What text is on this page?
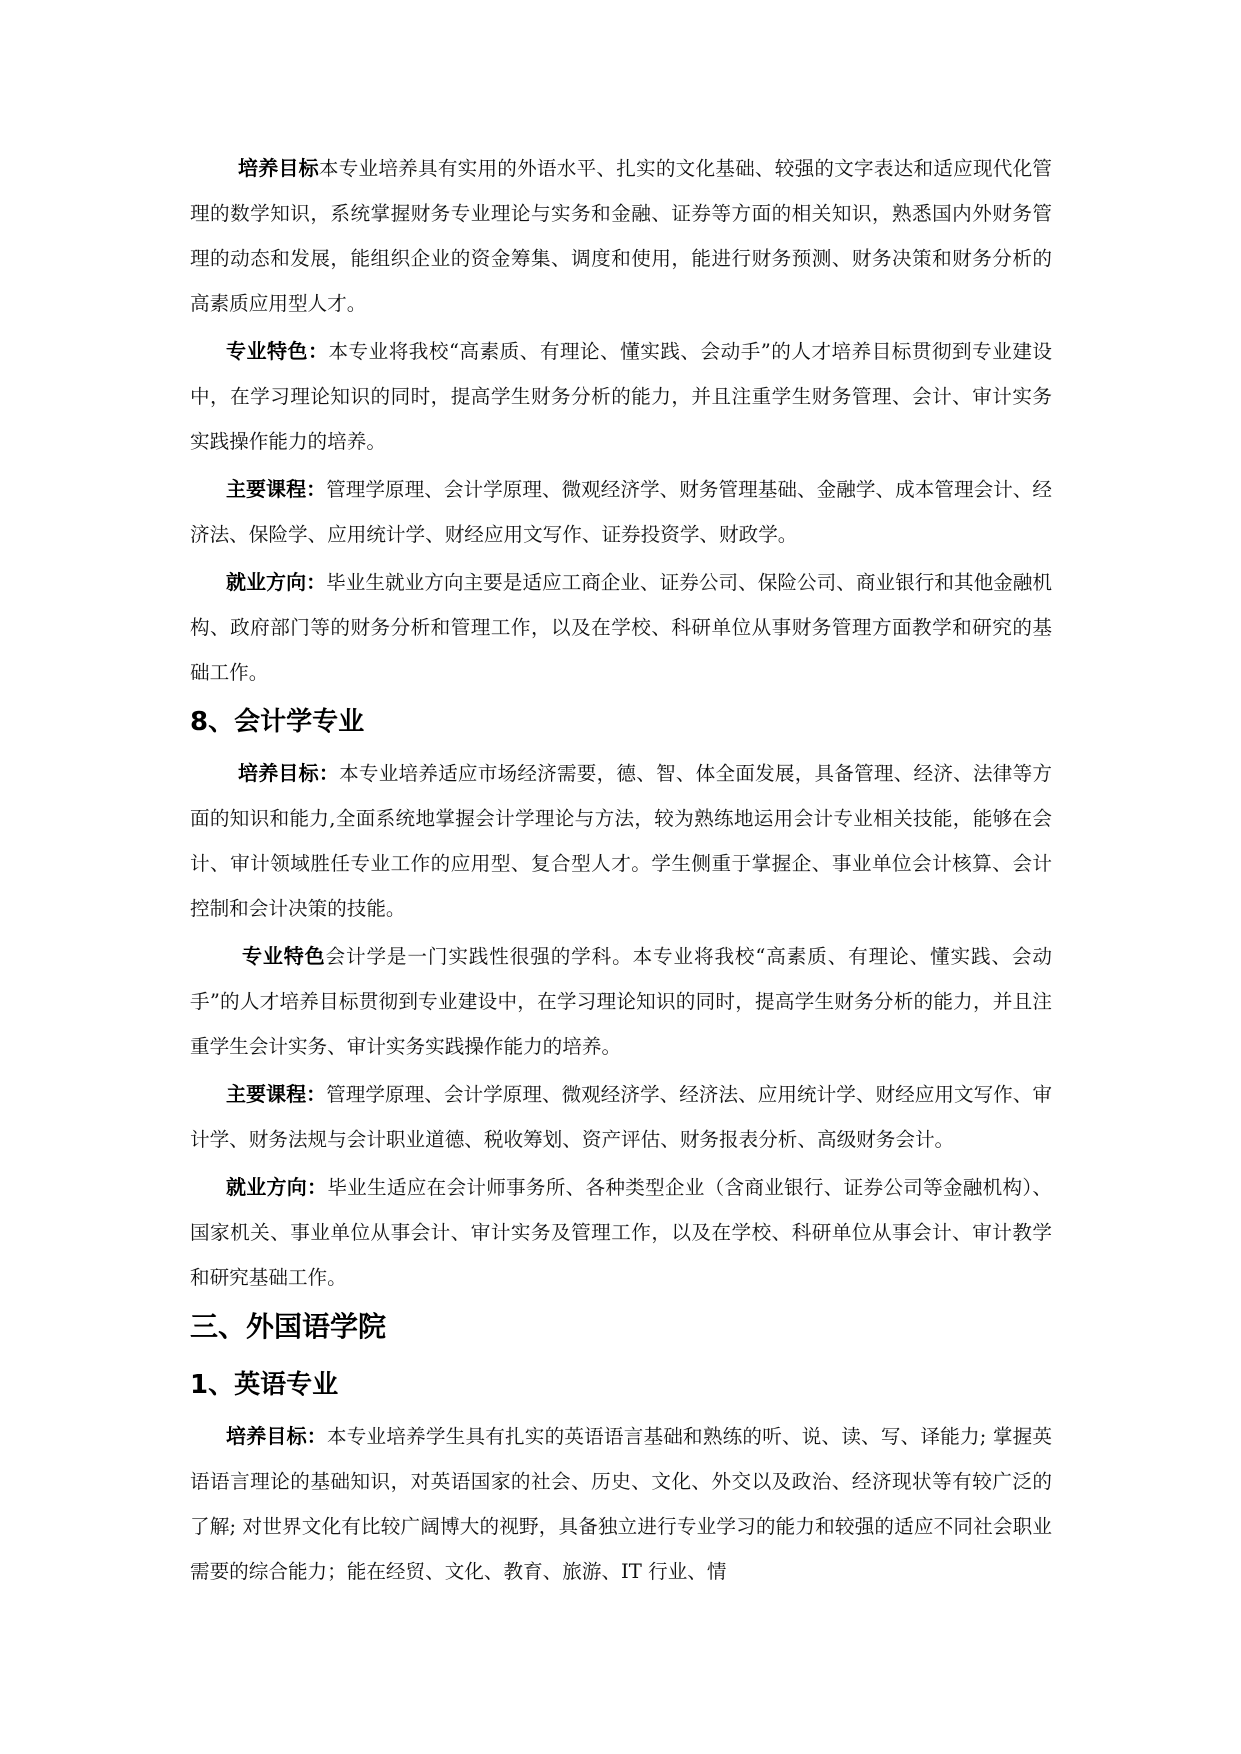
培养目标本专业培养具有实用的外语水平、扎实的文化基础、较强的文字表达和适应现代化管理的数学知识，系统掌握财务专业理论与实务和金融、证券等方面的相关知识，熟悉国内外财务管理的动态和发展，能组织企业的资金筹集、调度和使用，能进行财务预测、财务决策和财务分析的高素质应用型人才。

专业特色：本专业将我校“高素质、有理论、懂实践、会动手”的人才培养目标贯彻到专业建设中，在学习理论知识的同时，提高学生财务分析的能力，并且注重学生财务管理、会计、审计实务实践操作能力的培养。

主要课程：管理学原理、会计学原理、微观经济学、财务管理基础、金融学、成本管理会计、经济法、保险学、应用统计学、财经应用文写作、证券投资学、财政学。

就业方向：毕业生就业方向主要是适应工商企业、证券公司、保险公司、商业银行和其他金融机构、政府部门等的财务分析和管理工作，以及在学校、科研单位从事财务管理方面教学和研究的基础工作。

8、会计学专业

培养目标：本专业培养适应市场经济需要，德、智、体全面发展，具备管理、经济、法律等方面的知识和能力,全面系统地掌握会计学理论与方法，较为熟练地运用会计专业相关技能，能够在会计、审计领域胜任专业工作的应用型、复合型人才。学生侧重于掌握企、事业单位会计核算、会计控制和会计决策的技能。

专业特色会计学是一门实践性很强的学科。本专业将我校“高素质、有理论、懂实践、会动手”的人才培养目标贯彻到专业建设中，在学习理论知识的同时，提高学生财务分析的能力，并且注重学生会计实务、审计实务实践操作能力的培养。

主要课程：管理学原理、会计学原理、微观经济学、经济法、应用统计学、财经应用文写作、审计学、财务法规与会计职业道德、税收筹划、资产评估、财务报表分析、高级财务会计。

就业方向：毕业生适应在会计师事务所、各种类型企业（含商业银行、证券公司等金融机构）、国家机关、事业单位从事会计、审计实务及管理工作，以及在学校、科研单位从事会计、审计教学和研究基础工作。

三、外国语学院
1、英语专业

培养目标：本专业培养学生具有扎实的英语语言基础和熟练的听、说、读、写、译能力; 掌握英语语言理论的基础知识，对英语国家的社会、历史、文化、外交以及政治、经济现状等有较广泛的了解; 对世界文化有比较广阔博大的视野，具备独立进行专业学习的能力和较强的适应不同社会职业需要的综合能力；能在经贸、文化、教育、旅游、IT 行业、情
